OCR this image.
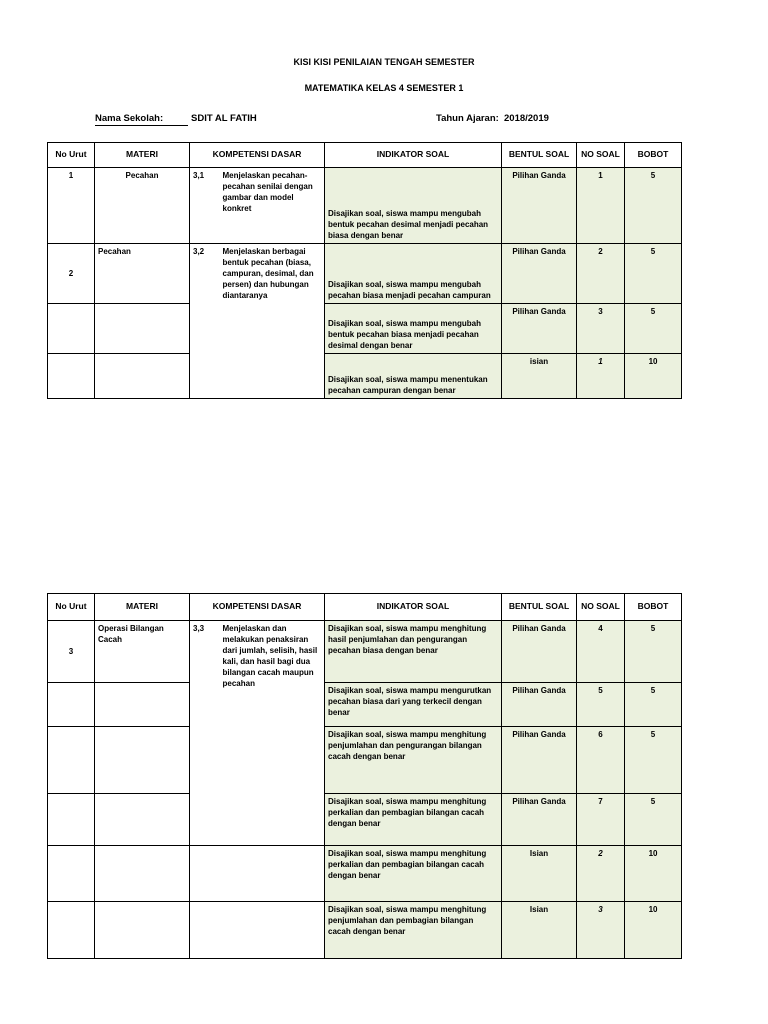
KISI KISI PENILAIAN TENGAH SEMESTER
MATEMATIKA KELAS 4 SEMESTER 1
Nama Sekolah:	SDIT AL FATIH	Tahun Ajaran: 2018/2019
No Urut	MATERI	KOMPETENSI DASAR		INDIKATOR SOAL	BENTUL SOAL	NO SOAL	BOBOT
1	Pecahan	3,1	Menjelaskan pecahan-pecahan senilai dengan gambar dan model konkret	Disajikan soal, siswa mampu mengubah bentuk pecahan desimal menjadi pecahan biasa dengan benar	Pilihan Ganda	1	5
2	Pecahan	3,2	Menjelaskan berbagai bentuk pecahan (biasa, campuran, desimal, dan persen) dan hubungan diantaranya	Disajikan soal, siswa mampu mengubah pecahan biasa menjadi pecahan campuran	Pilihan Ganda	2	5
				Disajikan soal, siswa mampu mengubah bentuk pecahan biasa menjadi pecahan desimal dengan benar	Pilihan Ganda	3	5
				Disajikan soal, siswa mampu menentukan pecahan campuran dengan benar	isian	1	10
No Urut	MATERI	KOMPETENSI DASAR		INDIKATOR SOAL	BENTUL SOAL	NO SOAL	BOBOT
3	Operasi Bilangan Cacah	3,3	Menjelaskan dan melakukan penaksiran dari jumlah, selisih, hasil kali, dan hasil bagi dua bilangan cacah maupun pecahan	Disajikan soal, siswa mampu menghitung hasil penjumlahan dan pengurangan pecahan biasa dengan benar	Pilihan Ganda	4	5
				Disajikan soal, siswa mampu mengurutkan pecahan biasa dari yang terkecil dengan benar	Pilihan Ganda	5	5
				Disajikan soal, siswa mampu menghitung penjumlahan dan pengurangan bilangan cacah dengan benar	Pilihan Ganda	6	5
				Disajikan soal, siswa mampu menghitung perkalian dan pembagian bilangan cacah dengan benar	Pilihan Ganda	7	5
				Disajikan soal, siswa mampu menghitung perkalian dan pembagian bilangan cacah dengan benar	Isian	2	10
				Disajikan soal, siswa mampu menghitung penjumlahan dan pembagian bilangan cacah dengan benar	Isian	3	10
